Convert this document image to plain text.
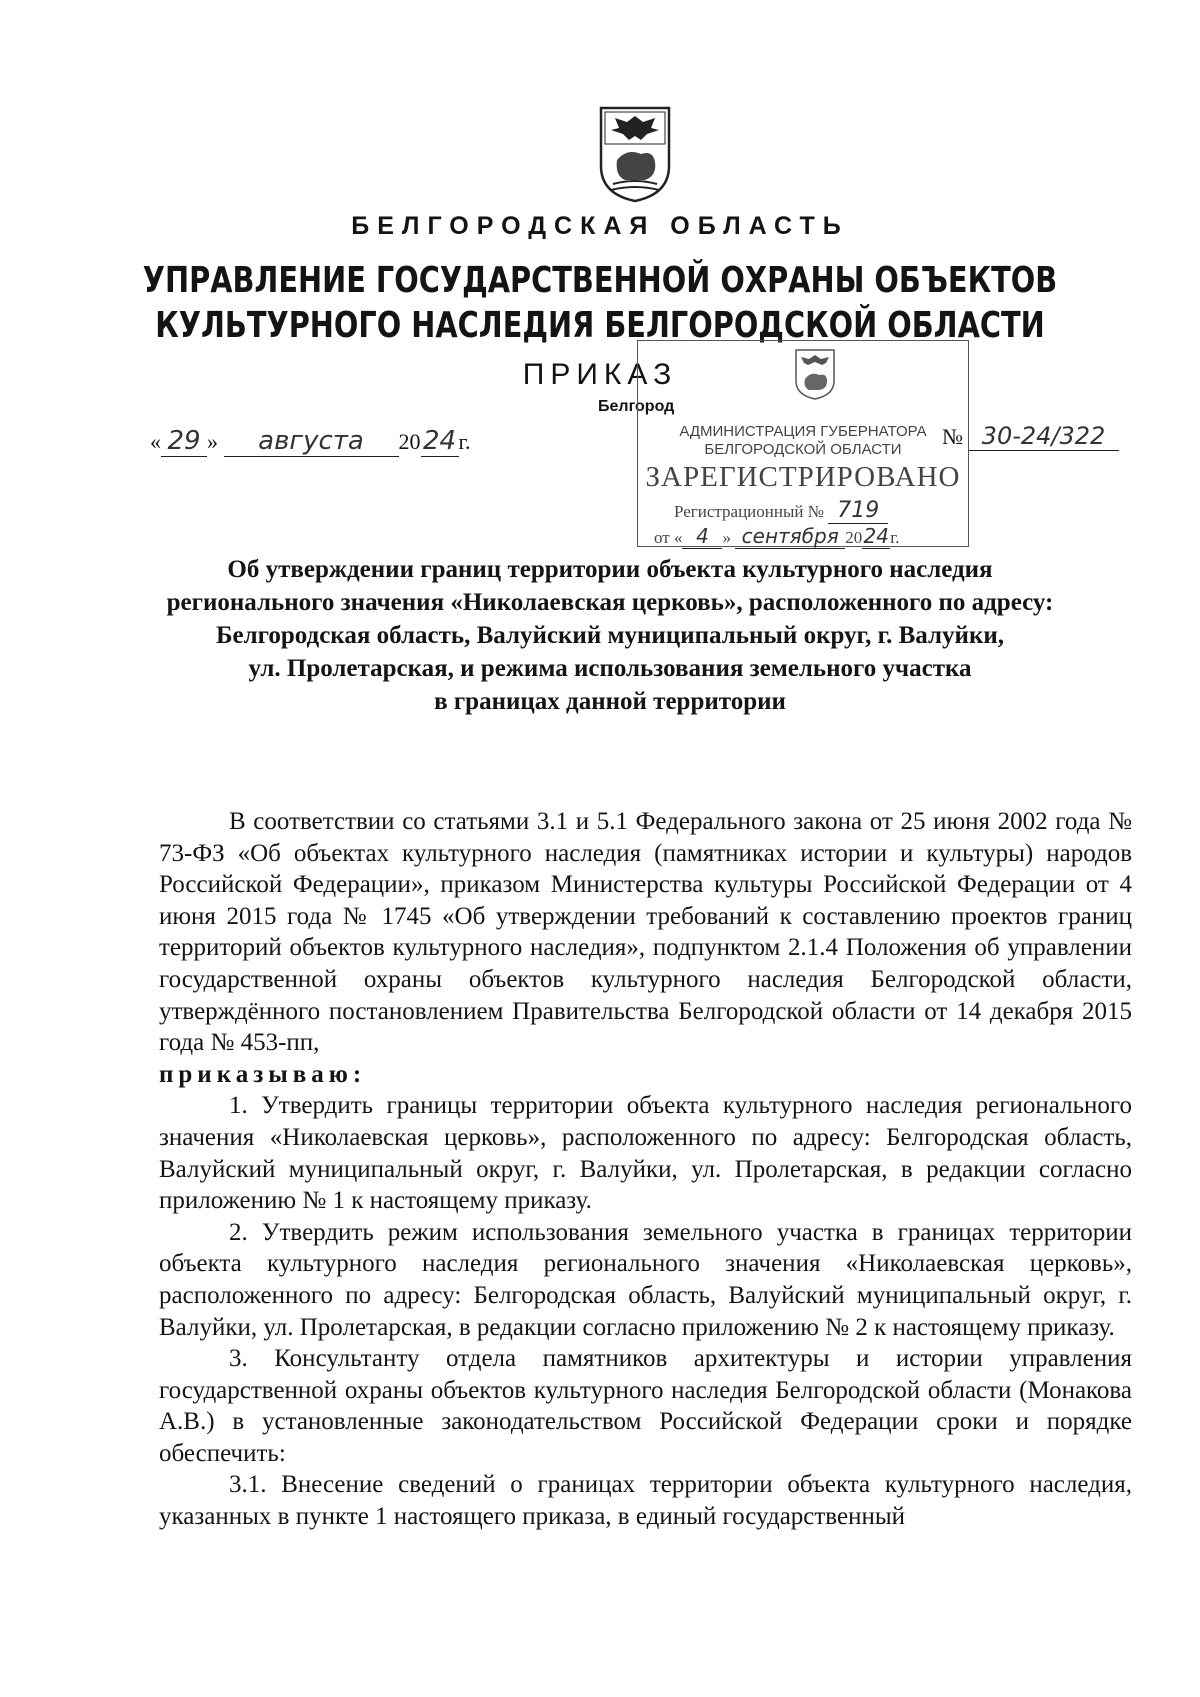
БЕЛГОРОДСКАЯ ОБЛАСТЬ
УПРАВЛЕНИЕ ГОСУДАРСТВЕННОЙ ОХРАНЫ ОБЪЕКТОВ
КУЛЬТУРНОГО НАСЛЕДИЯ БЕЛГОРОДСКОЙ ОБЛАСТИ
ПРИКАЗ
Белгород
« 29 » августа 2024 г.	№ 30-24/322
АДМИНИСТРАЦИЯ ГУБЕРНАТОРА
БЕЛГОРОДСКОЙ ОБЛАСТИ
ЗАРЕГИСТРИРОВАНО
Регистрационный № 719
от « 4 » сентября 2024г.
Об утверждении границ территории объекта культурного наследия
регионального значения «Николаевская церковь», расположенного по адресу:
Белгородская область, Валуйский муниципальный округ, г. Валуйки,
ул. Пролетарская, и режима использования земельного участка
в границах данной территории

В соответствии со статьями 3.1 и 5.1 Федерального закона от 25 июня 2002 года № 73-ФЗ «Об объектах культурного наследия (памятниках истории и культуры) народов Российской Федерации», приказом Министерства культуры Российской Федерации от 4 июня 2015 года № 1745 «Об утверждении требований к составлению проектов границ территорий объектов культурного наследия», подпунктом 2.1.4 Положения об управлении государственной охраны объектов культурного наследия Белгородской области, утверждённого постановлением Правительства Белгородской области от 14 декабря 2015 года № 453-пп,
приказываю:

1. Утвердить границы территории объекта культурного наследия регионального значения «Николаевская церковь», расположенного по адресу: Белгородская область, Валуйский муниципальный округ, г. Валуйки, ул. Пролетарская, в редакции согласно приложению № 1 к настоящему приказу.

2. Утвердить режим использования земельного участка в границах территории объекта культурного наследия регионального значения «Николаевская церковь», расположенного по адресу: Белгородская область, Валуйский муниципальный округ, г. Валуйки, ул. Пролетарская, в редакции согласно приложению № 2 к настоящему приказу.

3. Консультанту отдела памятников архитектуры и истории управления государственной охраны объектов культурного наследия Белгородской области (Монакова А.В.) в установленные законодательством Российской Федерации сроки и порядке обеспечить:

3.1. Внесение сведений о границах территории объекта культурного наследия, указанных в пункте 1 настоящего приказа, в единый государственный
